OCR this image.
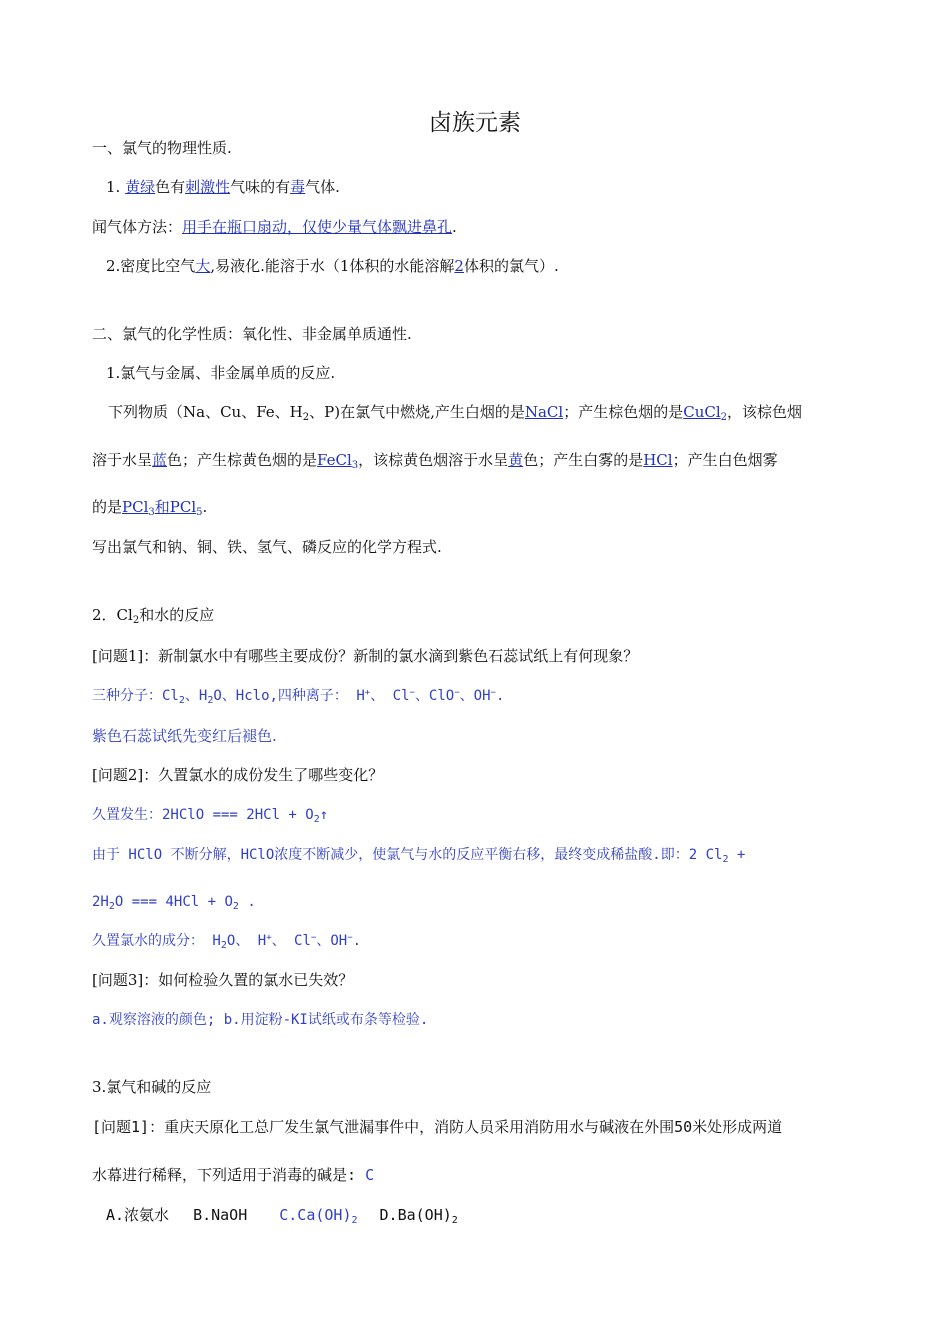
卤族元素
一、氯气的物理性质.
1. 黄绿色有刺激性气味的有毒气体.
闻气体方法：用手在瓶口扇动，仅使少量气体飘进鼻孔.
2.密度比空气大,易液化.能溶于水（1体积的水能溶解2体积的氯气）.
二、氯气的化学性质：氧化性、非金属单质通性.
1.氯气与金属、非金属单质的反应.
下列物质（Na、Cu、Fe、$H_2$、P)在氯气中燃烧,产生白烟的是NaCl；产生棕色烟的是CuCl$_2$，该棕色烟
溶于水呈蓝色；产生棕黄色烟的是FeCl$_3$，该棕黄色烟溶于水呈黄色；产生白雾的是HCl；产生白色烟雾
的是PCl$_3$和PCl$_5$.
写出氯气和钠、铜、铁、氢气、磷反应的化学方程式.
2．$Cl_2$和水的反应
[问题1]：新制氯水中有哪些主要成份？新制的氯水滴到紫色石蕊试纸上有何现象？
三种分子：$Cl_2$、$H_2O$、Hclo,四种离子： H+、 Cl−、ClO−、OH−.
紫色石蕊试纸先变红后褪色.
[问题2]：久置氯水的成份发生了哪些变化？
久置发生：2HClO === $2HCl + O_2↑$
由于 HClO 不断分解，HClO浓度不断减少，使氯气与水的反应平衡右移，最终变成稀盐酸.即：2 $Cl_2$ +
$2H_2O$ === $4HCl + O_2$ .
久置氯水的成分： $H_2O$、 H+、 Cl−、OH−.
[问题3]：如何检验久置的氯水已失效？
a.观察溶液的颜色; b.用淀粉-KI试纸或布条等检验.
3.氯气和碱的反应
[问题1]：重庆天原化工总厂发生氯气泄漏事件中，消防人员采用消防用水与碱液在外围50米处形成两道
水幕进行稀释，下列适用于消毒的碱是: C
A.浓氨水 B.NaOH $C.Ca(OH)_2$ $D.Ba(OH)_2$
